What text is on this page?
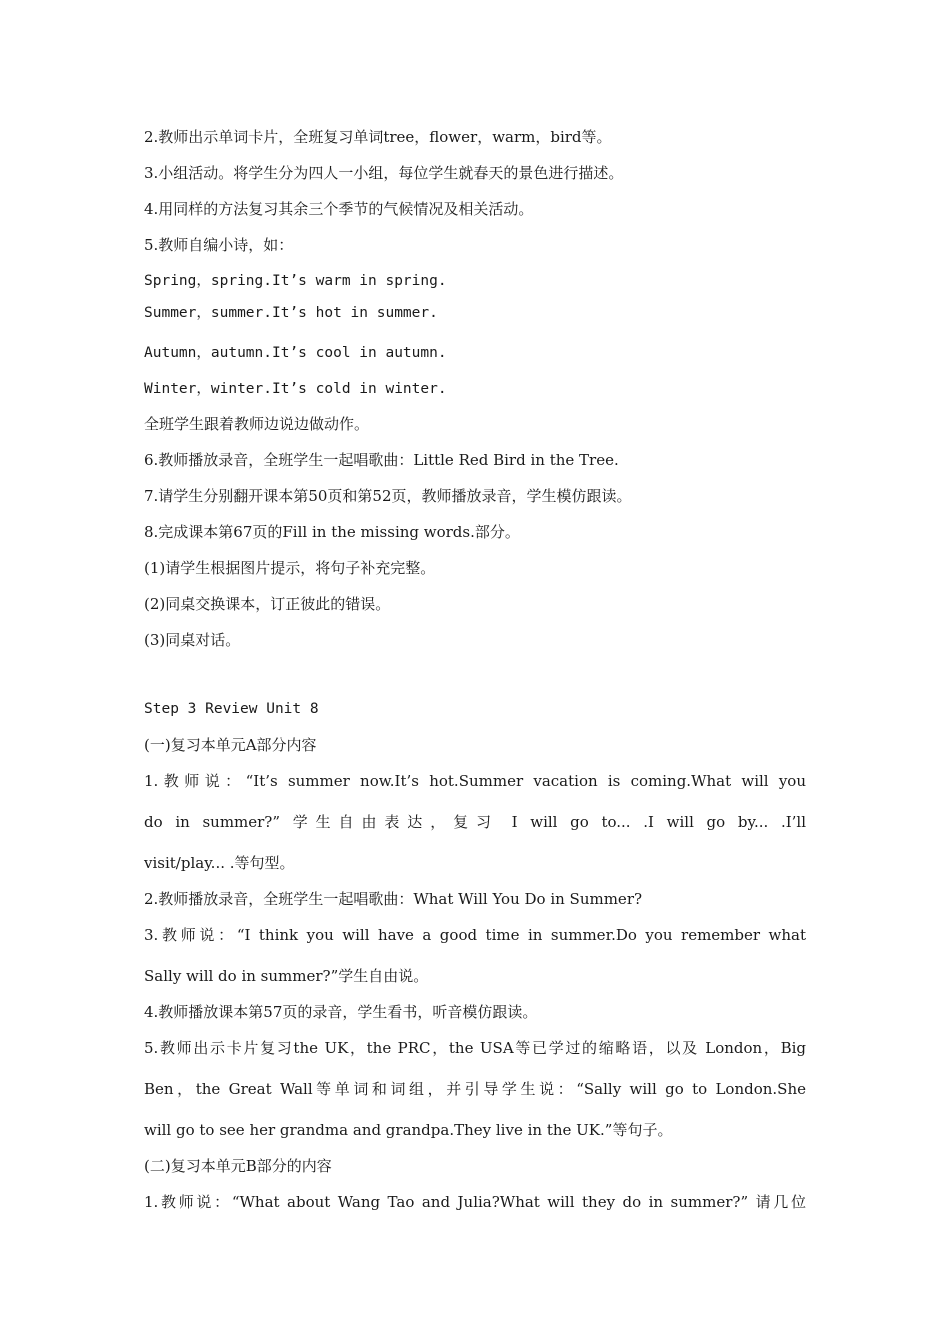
2.教师出示单词卡片，全班复习单词tree，flower，warm，bird等。
3.小组活动。将学生分为四人一小组，每位学生就春天的景色进行描述。
4.用同样的方法复习其余三个季节的气候情况及相关活动。
5.教师自编小诗，如：
Spring，spring.It’s warm in spring.
Summer，summer.It’s hot in summer.
Autumn，autumn.It’s cool in autumn.
Winter，winter.It’s cold in winter.
全班学生跟着教师边说边做动作。
6.教师播放录音，全班学生一起唱歌曲：Little Red Bird in the Tree.
7.请学生分别翻开课本第50页和第52页，教师播放录音，学生模仿跟读。
8.完成课本第67页的Fill in the missing words.部分。
(1)请学生根据图片提示，将句子补充完整。
(2)同桌交换课本，订正彼此的错误。
(3)同桌对话。
Step 3 Review Unit 8
(一)复习本单元A部分内容
1.教师说：“It’s summer now.It’s hot.Summer vacation is coming.What will you
do in summer?” 学生自由表达，复习 I will go to... .I will go by... .I’ll
visit/play... .等句型。
2.教师播放录音，全班学生一起唱歌曲：What Will You Do in Summer?
3.教师说：“I think you will have a good time in summer.Do you remember what
Sally will do in summer?”学生自由说。
4.教师播放课本第57页的录音，学生看书，听音模仿跟读。
5.教师出示卡片复习the UK，the PRC，the USA等已学过的缩略语，以及 London，Big
Ben，the Great Wall等单词和词组，并引导学生说：“Sally will go to London.She
will go to see her grandma and grandpa.They live in the UK.”等句子。
(二)复习本单元B部分的内容
1.教师说：“What about Wang Tao and Julia?What will they do in summer?” 请几位
